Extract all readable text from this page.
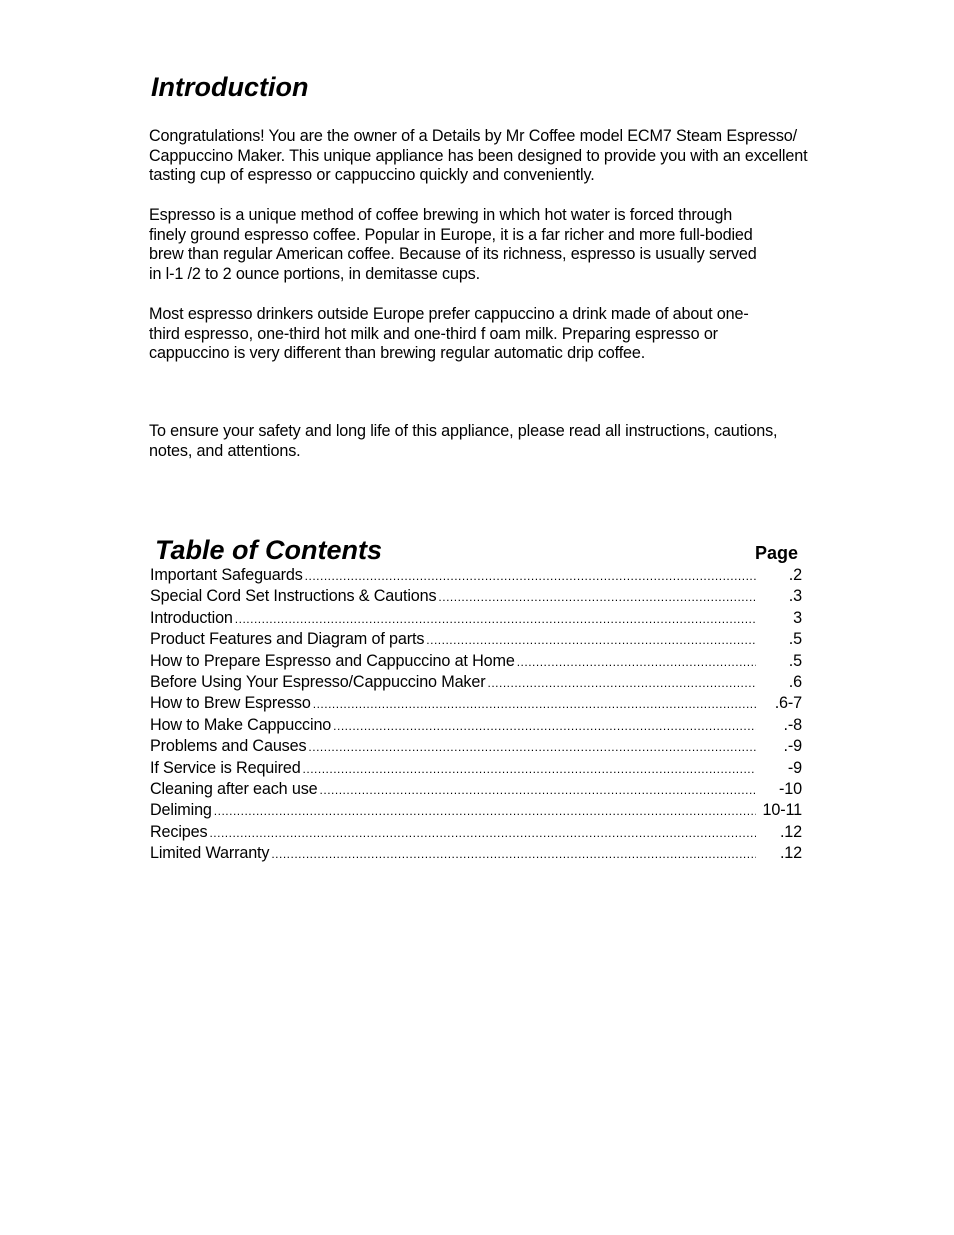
Introduction

Congratulations! You are the owner of a Details by Mr Coffee model ECM7 Steam Espresso/
Cappuccino Maker. This unique appliance has been designed to provide you with an excellent
tasting cup of espresso or cappuccino quickly and conveniently.

Espresso is a unique method of coffee brewing in which hot water is forced through
finely ground espresso coffee. Popular in Europe, it is a far richer and more full-bodied
brew than regular American coffee. Because of its richness, espresso is usually served
in l-1 /2 to 2 ounce portions, in demitasse cups.

Most espresso drinkers outside Europe prefer cappuccino a drink made of about one-
third espresso, one-third hot milk and one-third f oam milk. Preparing espresso or
cappuccino is very different than brewing regular automatic drip coffee.

To ensure your safety and long life of this appliance, please read all instructions, cautions,
notes, and attentions.

Table of Contents	Page
Important Safeguards .....	.2
Special Cord Set Instructions & Cautions .....	.3
Introduction .....	3
Product Features and Diagram of parts .....	.5
How to Prepare Espresso and Cappuccino at Home .....	.5
Before Using Your Espresso/Cappuccino Maker .....	.6
How to Brew Espresso .....	.6-7
How to Make Cappuccino .....	.-8
Problems and Causes .....	.-9
If Service is Required .....	-9
Cleaning after each use .....	-10
Deliming .....	10-11
Recipes .....	.12
Limited Warranty .....	.12
